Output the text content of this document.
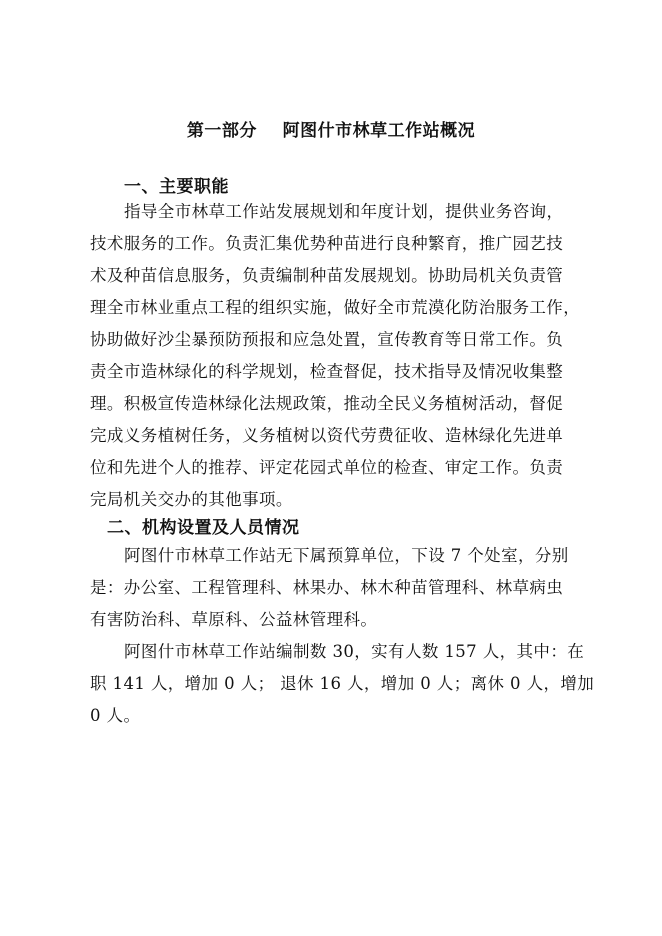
第一部分    阿图什市林草工作站概况
一、主要职能
指导全市林草工作站发展规划和年度计划，提供业务咨询，
技术服务的工作。负责汇集优势种苗进行良种繁育，推广园艺技
术及种苗信息服务，负责编制种苗发展规划。协助局机关负责管
理全市林业重点工程的组织实施，做好全市荒漠化防治服务工作，
协助做好沙尘暴预防预报和应急处置，宣传教育等日常工作。负
责全市造林绿化的科学规划，检查督促，技术指导及情况收集整
理。积极宣传造林绿化法规政策，推动全民义务植树活动，督促
完成义务植树任务，义务植树以资代劳费征收、造林绿化先进单
位和先进个人的推荐、评定花园式单位的检查、审定工作。负责
完局机关交办的其他事项。
二、机构设置及人员情况
阿图什市林草工作站无下属预算单位，下设 7 个处室，分别
是：办公室、工程管理科、林果办、林木种苗管理科、林草病虫
有害防治科、草原科、公益林管理科。
阿图什市林草工作站编制数 30，实有人数 157 人，其中：在
职 141 人，增加 0 人； 退休 16 人，增加 0 人；离休 0 人，增加
0 人。
